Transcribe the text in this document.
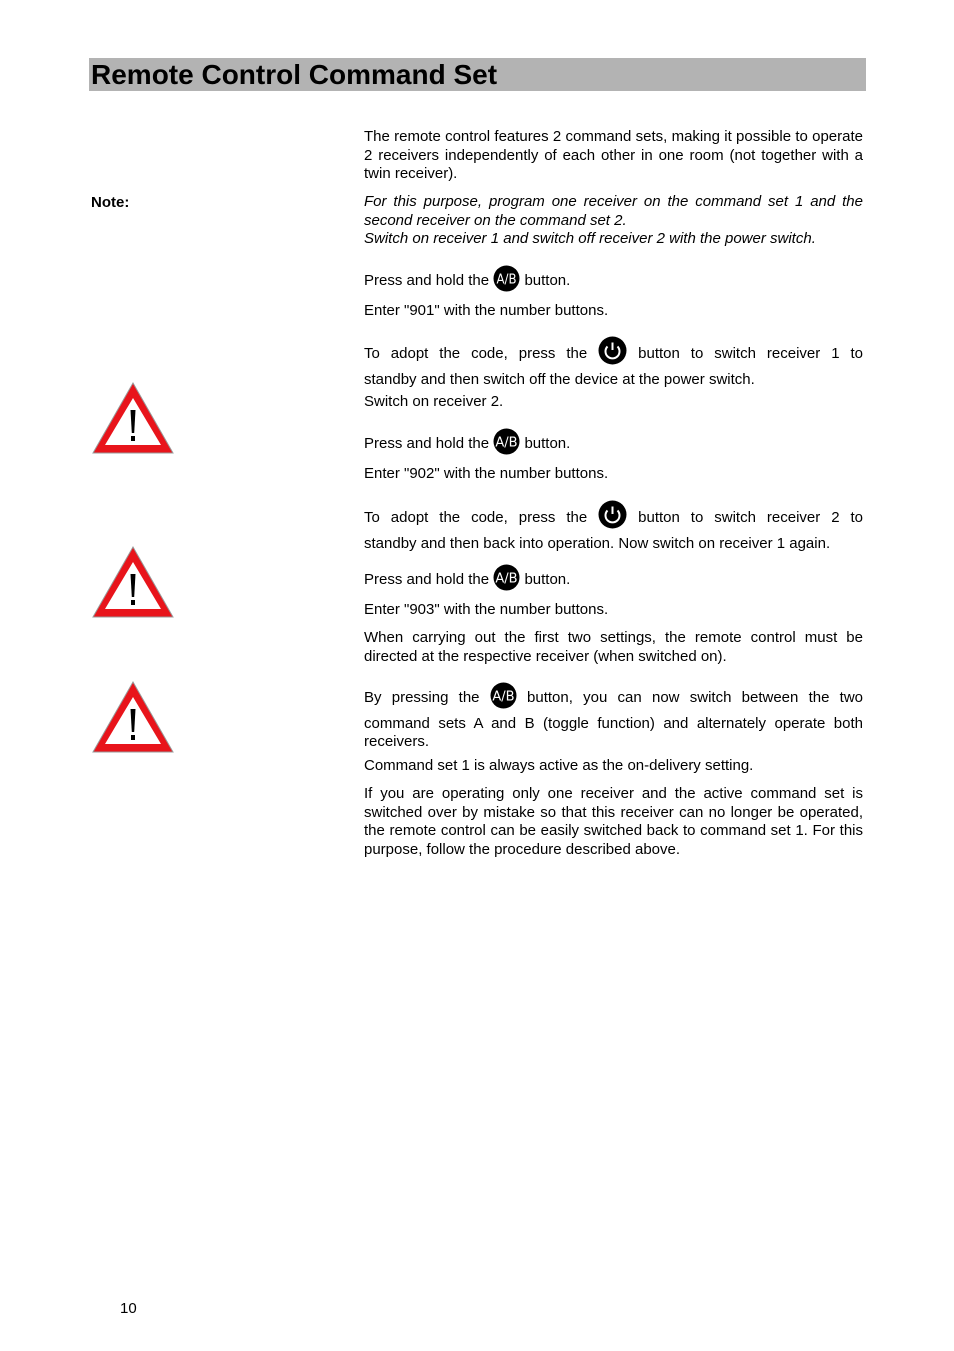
Remote Control Command Set

The remote control features 2 command sets, making it possible to operate 2 receivers independently of each other in one room (not together with a twin receiver).

Note:	For this purpose, program one receiver on the command set 1 and the second receiver on the command set 2.
Switch on receiver 1 and switch off receiver 2 with the power switch.

Press and hold the A/B button.

Enter "901" with the number buttons.

To adopt the code, press the	button to switch receiver 1 to
standby and then switch off the device at the power switch.

Switch on receiver 2.

Press and hold the A/B button.

Enter "902" with the number buttons.

To adopt the code, press the	button to switch receiver 2 to
standby and then back into operation. Now switch on receiver 1 again.

Press and hold the A/B button.

Enter "903" with the number buttons.

When carrying out the first two settings, the remote control must be directed at the respective receiver (when switched on).

By pressing the A/B button, you can now switch between the two
command sets A and B (toggle function) and alternately operate both receivers.

Command set 1 is always active as the on-delivery setting.

If you are operating only one receiver and the active command set is switched over by mistake so that this receiver can no longer be operated, the remote control can be easily switched back to command set 1. For this purpose, follow the procedure described above.

10
